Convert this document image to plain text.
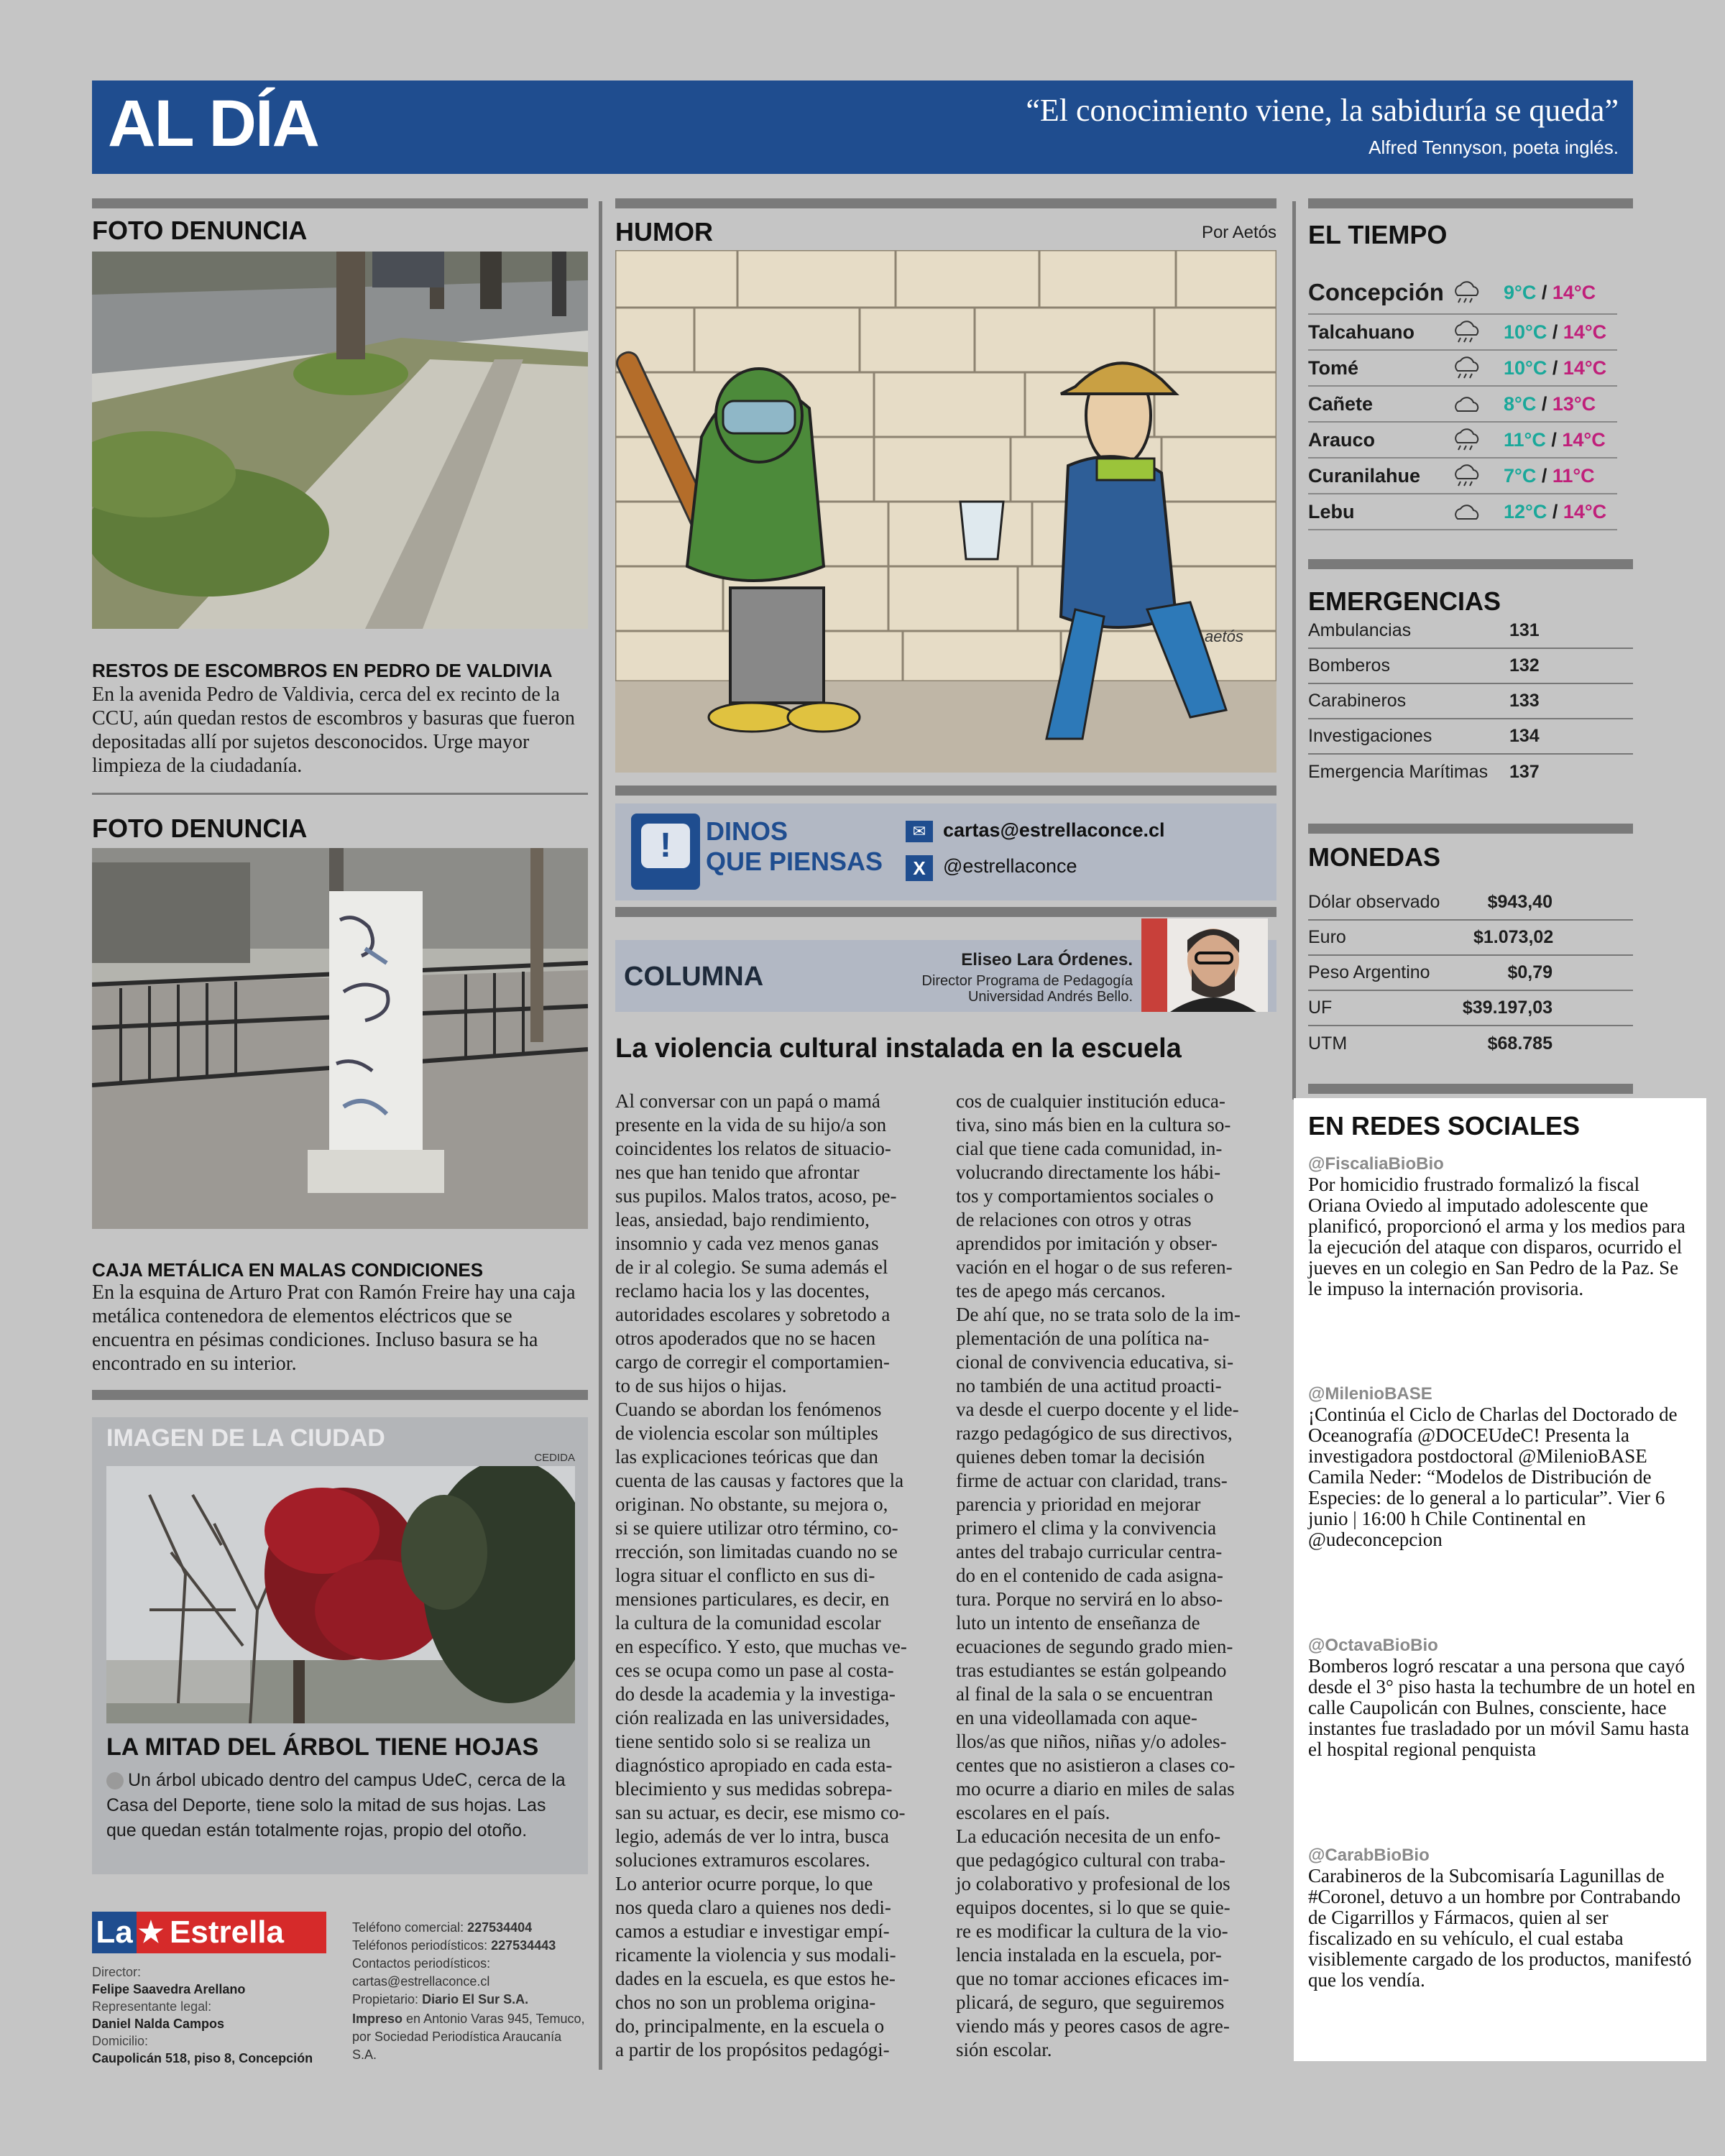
AL DÍA	“El conocimiento viene, la sabiduría se queda”
Alfred Tennyson, poeta inglés.
FOTO DENUNCIA
RESTOS DE ESCOMBROS EN PEDRO DE VALDIVIA
En la avenida Pedro de Valdivia, cerca del ex recinto de la CCU, aún quedan restos de escombros y basuras que fueron depositadas allí por sujetos desconocidos. Urge mayor limpieza de la ciudadanía.
FOTO DENUNCIA
CAJA METÁLICA EN MALAS CONDICIONES
En la esquina de Arturo Prat con Ramón Freire hay una caja metálica contenedora de elementos eléctricos que se encuentra en pésimas condiciones. Incluso basura se ha encontrado en su interior.
IMAGEN DE LA CIUDAD
CEDIDA
LA MITAD DEL ÁRBOL TIENE HOJAS
Un árbol ubicado dentro del campus UdeC, cerca de la Casa del Deporte, tiene solo la mitad de sus hojas. Las que quedan están totalmente rojas, propio del otoño.
La ★ Estrella
Director:
Felipe Saavedra Arellano
Representante legal:
Daniel Naldа Campos
Domicilio:
Caupolicán 518, piso 8, Concepción
Teléfono comercial: 227534404
Teléfonos periodísticos: 227534443
Contactos periodísticos:
cartas@estrellaconce.cl
Propietario: Diario El Sur S.A.
Impreso en Antonio Varas 945, Temuco, por Sociedad Periodística Araucanía S.A.
HUMOR	Por Aetós
aetós
!	DINOS
QUE PIENSAS
✉ cartas@estrellaconce.cl
X @estrellaconce
COLUMNA
Eliseo Lara Órdenes.
Director Programa de Pedagogía
Universidad Andrés Bello.
La violencia cultural instalada en la escuela
Al conversar con un papá o mamá
presente en la vida de su hijo/a son
coincidentes los relatos de situacio-
nes que han tenido que afrontar
sus pupilos. Malos tratos, acoso, pe-
leas, ansiedad, bajo rendimiento,
insomnio y cada vez menos ganas
de ir al colegio. Se suma además el
reclamo hacia los y las docentes,
autoridades escolares y sobretodo a
otros apoderados que no se hacen
cargo de corregir el comportamien-
to de sus hijos o hijas.
Cuando se abordan los fenómenos
de violencia escolar son múltiples
las explicaciones teóricas que dan
cuenta de las causas y factores que la
originan. No obstante, su mejora o,
si se quiere utilizar otro término, co-
rrección, son limitadas cuando no se
logra situar el conflicto en sus di-
mensiones particulares, es decir, en
la cultura de la comunidad escolar
en específico. Y esto, que muchas ve-
ces se ocupa como un pase al costa-
do desde la academia y la investiga-
ción realizada en las universidades,
tiene sentido solo si se realiza un
diagnóstico apropiado en cada esta-
blecimiento y sus medidas sobrepa-
san su actuar, es decir, ese mismo co-
legio, además de ver lo intra, busca
soluciones extramuros escolares.
Lo anterior ocurre porque, lo que
nos queda claro a quienes nos dedi-
camos a estudiar e investigar empí-
ricamente la violencia y sus modali-
dades en la escuela, es que estos he-
chos no son un problema origina-
do, principalmente, en la escuela o
a partir de los propósitos pedagógi-
cos de cualquier institución educa-
tiva, sino más bien en la cultura so-
cial que tiene cada comunidad, in-
volucrando directamente los hábi-
tos y comportamientos sociales o
de relaciones con otros y otras
aprendidos por imitación y obser-
vación en el hogar o de sus referen-
tes de apego más cercanos.
De ahí que, no se trata solo de la im-
plementación de una política na-
cional de convivencia educativa, si-
no también de una actitud proacti-
va desde el cuerpo docente y el lide-
razgo pedagógico de sus directivos,
quienes deben tomar la decisión
firme de actuar con claridad, trans-
parencia y prioridad en mejorar
primero el clima y la convivencia
antes del trabajo curricular centra-
do en el contenido de cada asigna-
tura. Porque no servirá en lo abso-
luto un intento de enseñanza de
ecuaciones de segundo grado mien-
tras estudiantes se están golpeando
al final de la sala o se encuentran
en una videollamada con aque-
llos/as que niños, niñas y/o adoles-
centes que no asistieron a clases co-
mo ocurre a diario en miles de salas
escolares en el país.
La educación necesita de un enfo-
que pedagógico cultural con traba-
jo colaborativo y profesional de los
equipos docentes, si lo que se quie-
re es modificar la cultura de la vio-
lencia instalada en la escuela, por-
que no tomar acciones eficaces im-
plicará, de seguro, que seguiremos
viendo más y peores casos de agre-
sión escolar.
EL TIEMPO
Concepción	9°C / 14°C
Talcahuano	10°C / 14°C
Tomé	10°C / 14°C
Cañete	8°C / 13°C
Arauco	11°C / 14°C
Curanilahue	7°C / 11°C
Lebu	12°C / 14°C
EMERGENCIAS
Ambulancias	131
Bomberos	132
Carabineros	133
Investigaciones	134
Emergencia Marítimas	137
MONEDAS
Dólar observado	$943,40
Euro	$1.073,02
Peso Argentino	$0,79
UF	$39.197,03
UTM	$68.785
EN REDES SOCIALES
@FiscaliaBioBio
Por homicidio frustrado formalizó la fiscal Oriana Oviedo al imputado adolescente que planificó, proporcionó el arma y los medios para la ejecución del ataque con disparos, ocurrido el jueves en un colegio en San Pedro de la Paz. Se le impuso la internación provisoria.
@MilenioBASE
¡Continúa el Ciclo de Charlas del Doctorado de Oceanografía @DOCEUdeC! Presenta la investigadora postdoctoral @MilenioBASE Camila Neder: “Modelos de Distribución de Especies: de lo general a lo particular”. Vier 6 junio | 16:00 h Chile Continental en @udeconcepcion
@OctavaBioBio
Bomberos logró rescatar a una persona que cayó desde el 3° piso hasta la techumbre de un hotel en calle Caupolicán con Bulnes, consciente, hace instantes fue trasladado por un móvil Samu hasta el hospital regional penquista
@CarabBioBio
Carabineros de la Subcomisaría Lagunillas de #Coronel, detuvo a un hombre por Contrabando de Cigarrillos y Fármacos, quien al ser fiscalizado en su vehículo, el cual estaba visiblemente cargado de los productos, manifestó que los vendía.
